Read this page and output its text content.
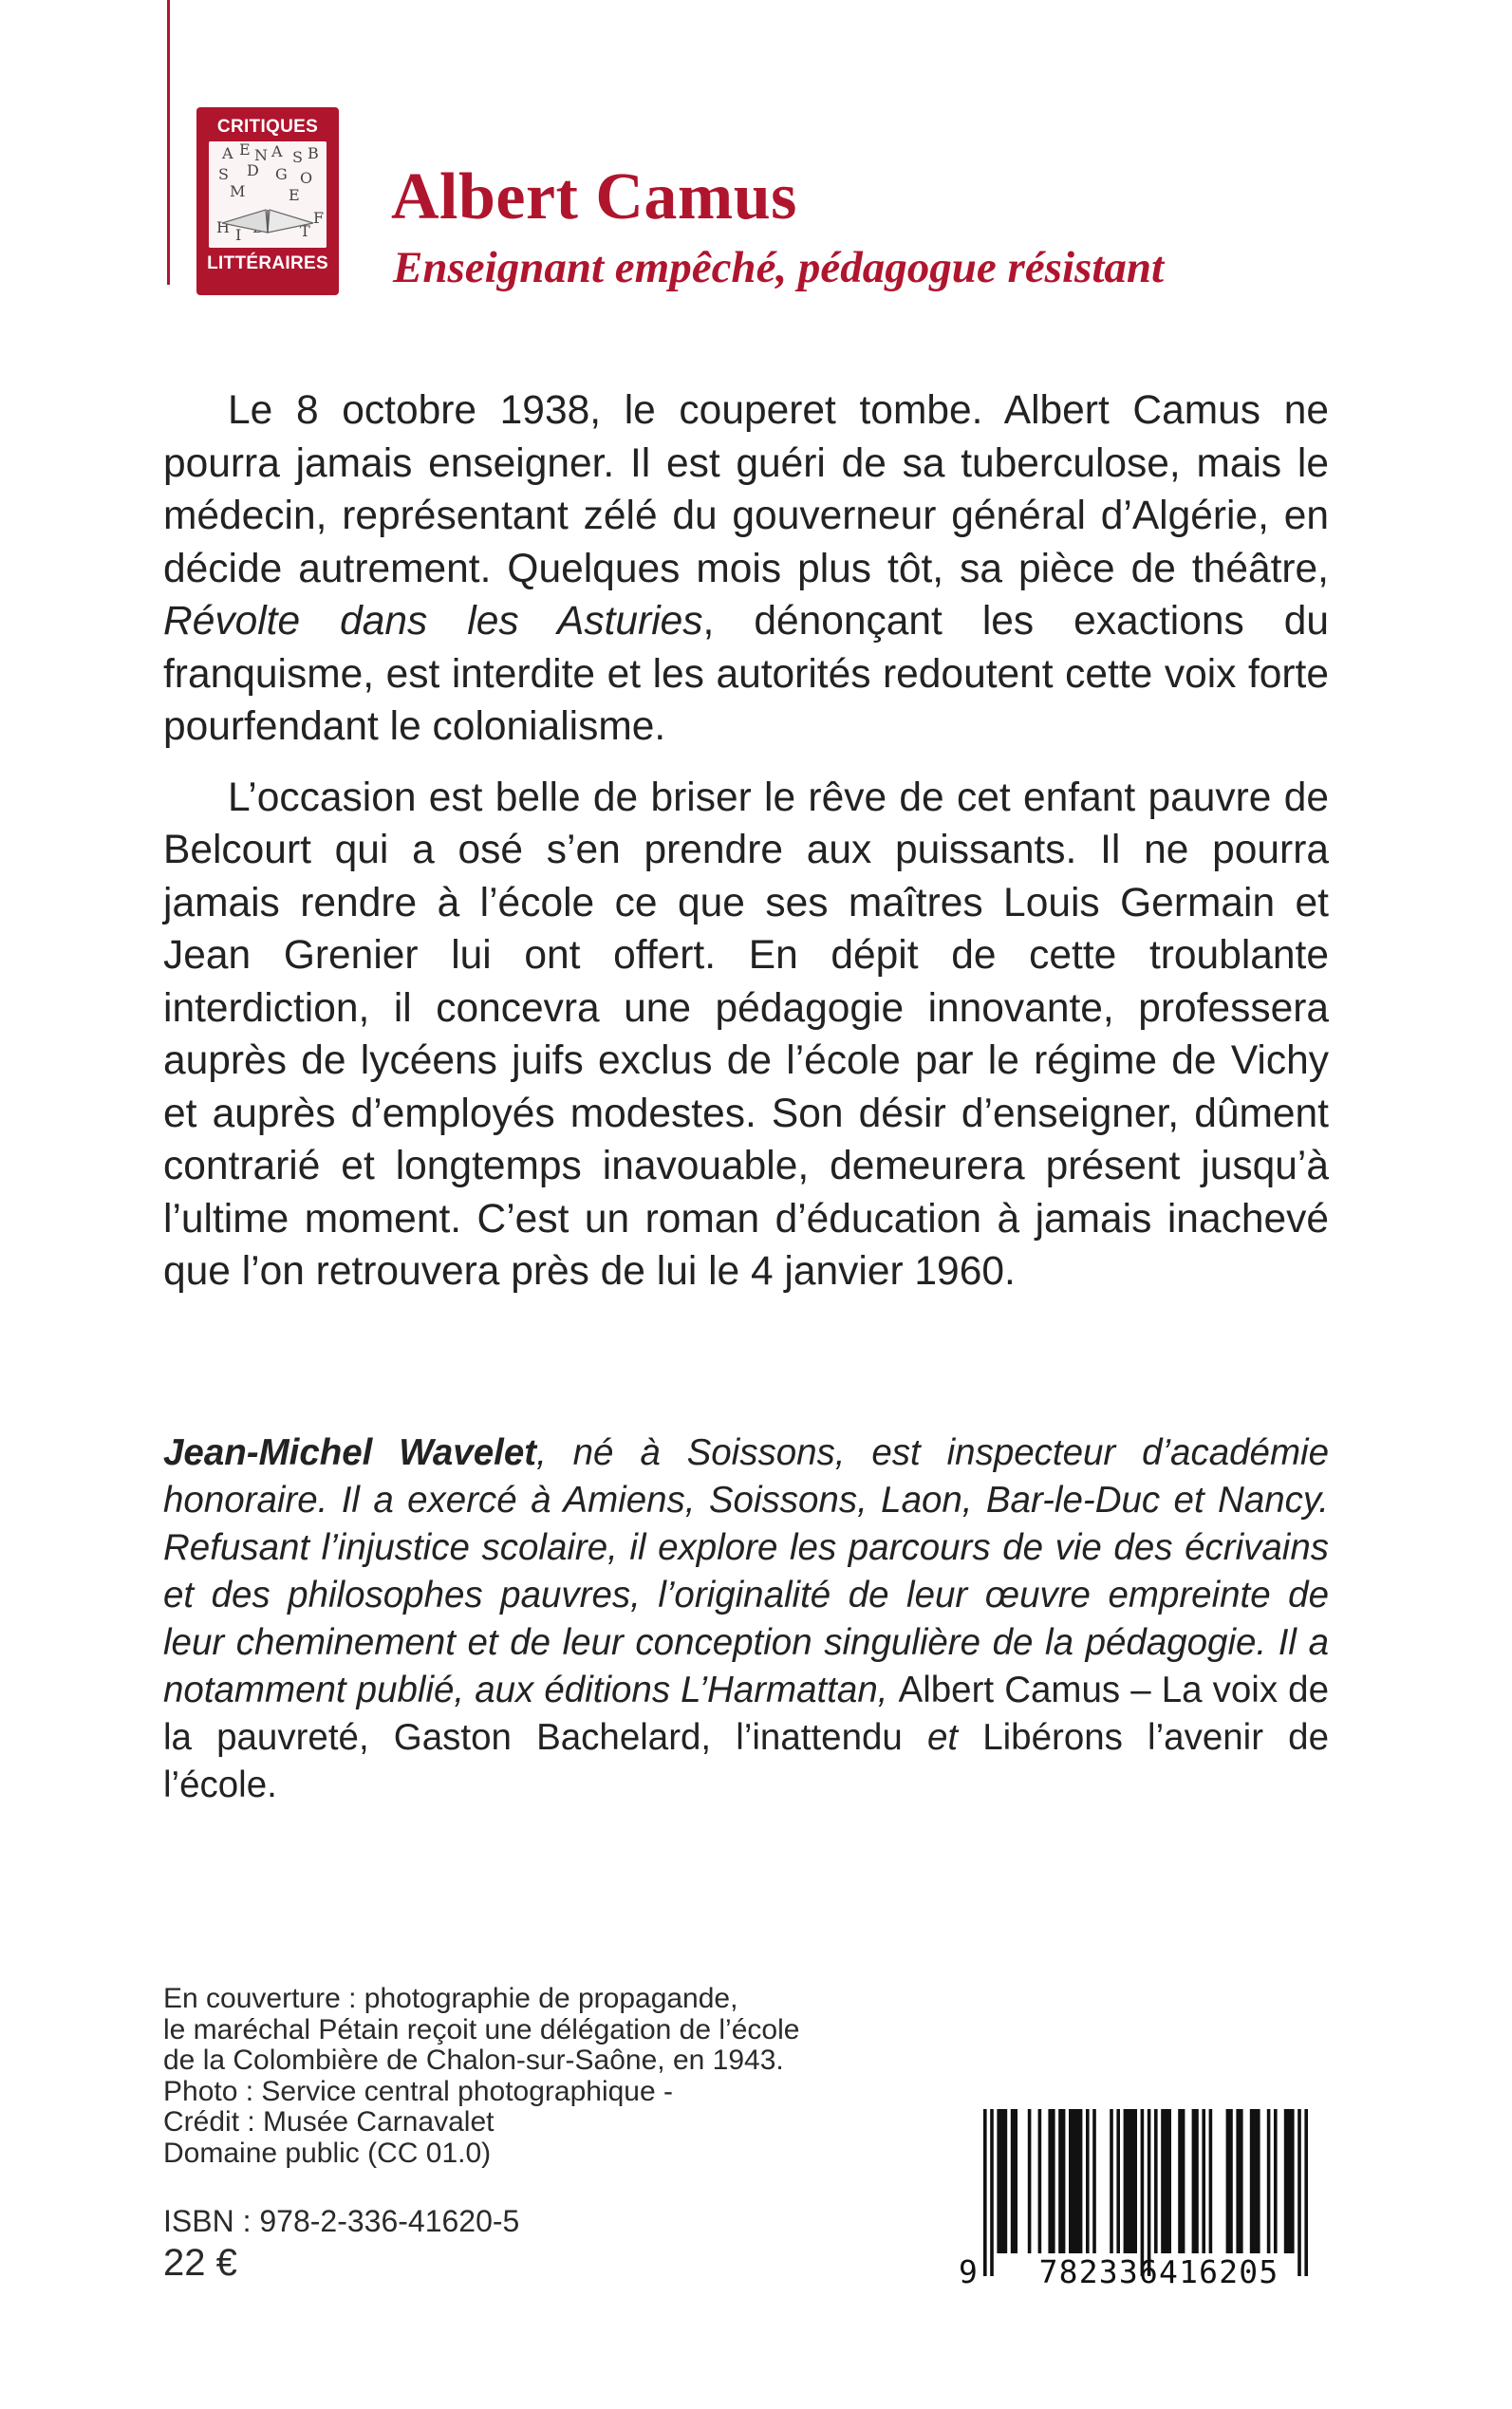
CRITIQUES
A E N A S B
S D G O
M	E
H I	T
F
LITTÉRAIRES
Albert Camus
Enseignant empêché, pédagogue résistant

Le 8 octobre 1938, le couperet tombe. Albert Camus ne pourra jamais enseigner. Il est guéri de sa tuberculose, mais le médecin, représentant zélé du gouverneur général d’Algérie, en décide autrement. Quelques mois plus tôt, sa pièce de théâtre, Révolte dans les Asturies, dénonçant les exactions du franquisme, est interdite et les autorités redoutent cette voix forte pourfendant le colonialisme.

L’occasion est belle de briser le rêve de cet enfant pauvre de Belcourt qui a osé s’en prendre aux puissants. Il ne pourra jamais rendre à l’école ce que ses maîtres Louis Germain et Jean Grenier lui ont offert. En dépit de cette troublante interdiction, il concevra une pédagogie innovante, professera auprès de lycéens juifs exclus de l’école par le régime de Vichy et auprès d’employés modestes. Son désir d’enseigner, dûment contrarié et longtemps inavouable, demeurera présent jusqu’à l’ultime moment. C’est un roman d’éducation à jamais inachevé que l’on retrouvera près de lui le 4 janvier 1960.

Jean-Michel Wavelet, né à Soissons, est inspecteur d’académie honoraire. Il a exercé à Amiens, Soissons, Laon, Bar-le-Duc et Nancy. Refusant l’injustice scolaire, il explore les parcours de vie des écrivains et des philosophes pauvres, l’originalité de leur œuvre empreinte de leur cheminement et de leur conception singulière de la pédagogie. Il a notamment publié, aux éditions L’Harmattan, Albert Camus – La voix de la pauvreté, Gaston Bachelard, l’inattendu et Libérons l’avenir de l’école.

En couverture : photographie de propagande,
le maréchal Pétain reçoit une délégation de l’école
de la Colombière de Chalon-sur-Saône, en 1943.
Photo : Service central photographique -
Crédit : Musée Carnavalet
Domaine public (CC 01.0)
ISBN : 978-2-336-41620-5
22 €	9	782336416205
